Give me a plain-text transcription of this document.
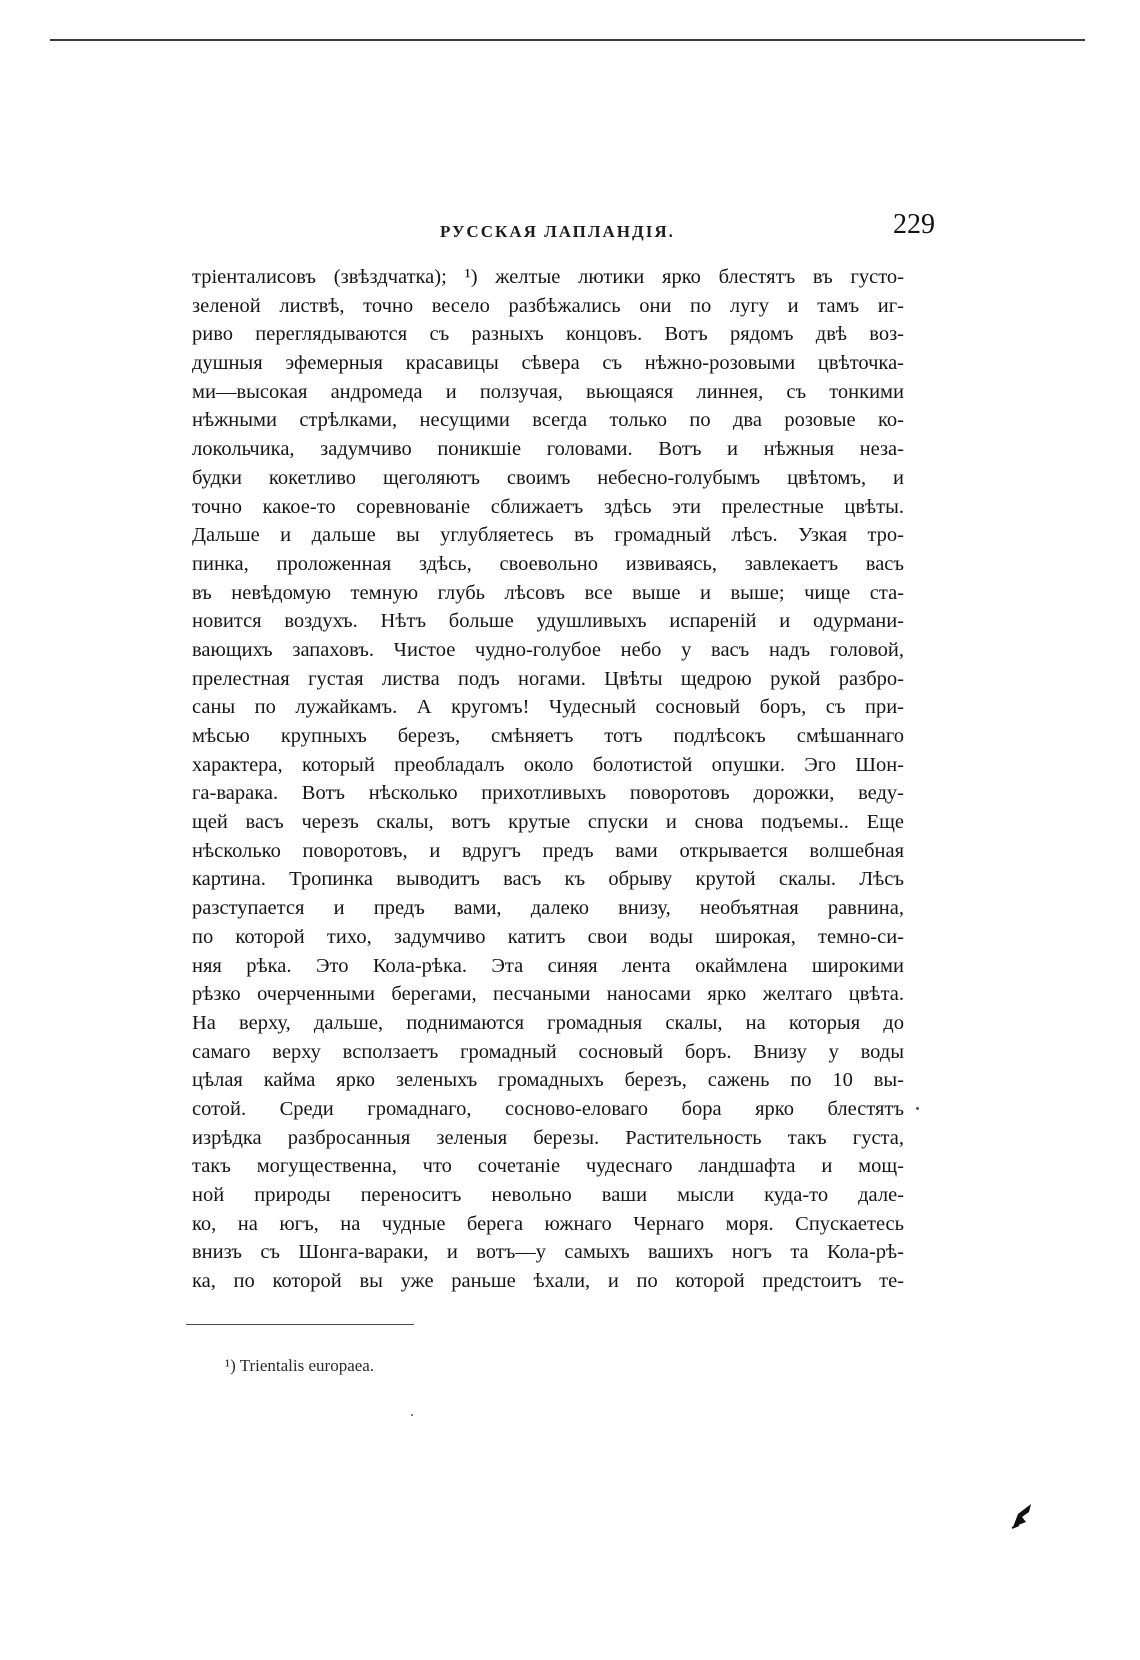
РУССКАЯ ЛАПЛАНДІЯ.	229
тріенталисовъ (звѣздчатка); ¹) желтые лютики ярко блестятъ въ густо-
зеленой листвѣ, точно весело разбѣжались они по лугу и тамъ иг-
риво переглядываются съ разныхъ концовъ. Вотъ рядомъ двѣ воз-
душныя эфемерныя красавицы сѣвера съ нѣжно-розовыми цвѣточка-
ми—высокая андромеда и ползучая, вьющаяся линнея, съ тонкими
нѣжными стрѣлками, несущими всегда только по два розовые ко-
локольчика, задумчиво поникшіе головами. Вотъ и нѣжныя неза-
будки кокетливо щеголяютъ своимъ небесно-голубымъ цвѣтомъ, и
точно какое-то соревнованіе сближаетъ здѣсь эти прелестные цвѣты.
Дальше и дальше вы углубляетесь въ громадный лѣсъ. Узкая тро-
пинка, проложенная здѣсь, своевольно извиваясь, завлекаетъ васъ
въ невѣдомую темную глубь лѣсовъ все выше и выше; чище ста-
новится воздухъ. Нѣтъ больше удушливыхъ испареній и одурмани-
вающихъ запаховъ. Чистое чудно-голубое небо у васъ надъ головой,
прелестная густая листва подъ ногами. Цвѣты щедрою рукой разбро-
саны по лужайкамъ. А кругомъ! Чудесный сосновый боръ, съ при-
мѣсью крупныхъ березъ, смѣняетъ тотъ подлѣсокъ смѣшаннаго
характера, который преобладалъ около болотистой опушки. Эго Шон-
га-варака. Вотъ нѣсколько прихотливыхъ поворотовъ дорожки, веду-
щей васъ черезъ скалы, вотъ крутые спуски и снова подъемы.. Еще
нѣсколько поворотовъ, и вдругъ предъ вами открывается волшебная
картина. Тропинка выводитъ васъ къ обрыву крутой скалы. Лѣсъ
разступается и предъ вами, далеко внизу, необъятная равнина,
по которой тихо, задумчиво катитъ свои воды широкая, темно-си-
няя рѣка. Это Кола-рѣка. Эта синяя лента окаймлена широкими
рѣзко очерченными берегами, песчаными наносами ярко желтаго цвѣта.
На верху, дальше, поднимаются громадныя скалы, на которыя до
самаго верху всползаетъ громадный сосновый боръ. Внизу у воды
цѣлая кайма ярко зеленыхъ громадныхъ березъ, сажень по 10 вы-
сотой. Среди громаднаго, сосново-еловаго бора ярко блестятъ
изрѣдка разбросанныя зеленыя березы. Растительность такъ густа,
такъ могущественна, что сочетаніе чудеснаго ландшафта и мощ-
ной природы переноситъ невольно ваши мысли куда-то дале-
ко, на югъ, на чудные берега южнаго Чернаго моря. Спускаетесь
внизъ съ Шонга-вараки, и вотъ—у самыхъ вашихъ ногъ та Кола-рѣ-
ка, по которой вы уже раньше ѣхали, и по которой предстоитъ те-
¹) Trientalis europaea.
